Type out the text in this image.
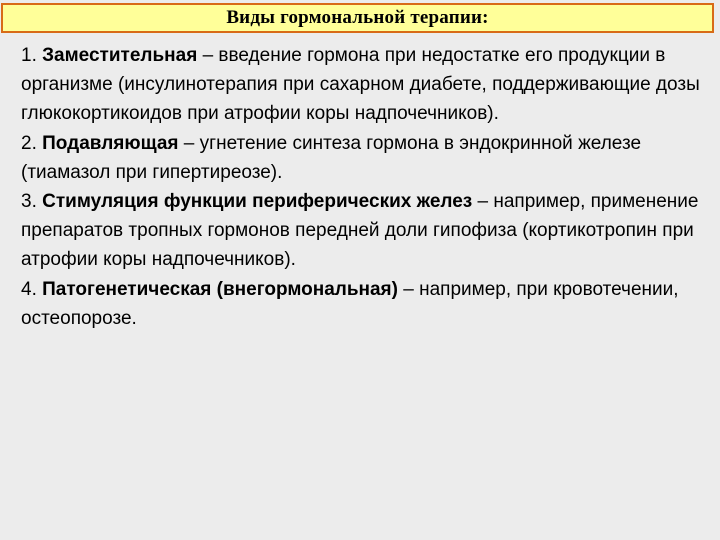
Виды гормональной терапии:

1. Заместительная – введение гормона при недостатке его продукции в организме (инсулинотерапия при сахарном диабете, поддерживающие дозы глюкокортикоидов при атрофии коры надпочечников).

2. Подавляющая – угнетение синтеза гормона в эндокринной железе (тиамазол при гипертиреозе).

3. Стимуляция функции периферических желез – например, применение препаратов тропных гормонов передней доли гипофиза (кортикотропин при атрофии коры надпочечников).

4. Патогенетическая (внегормональная) – например, при кровотечении, остеопорозе.
